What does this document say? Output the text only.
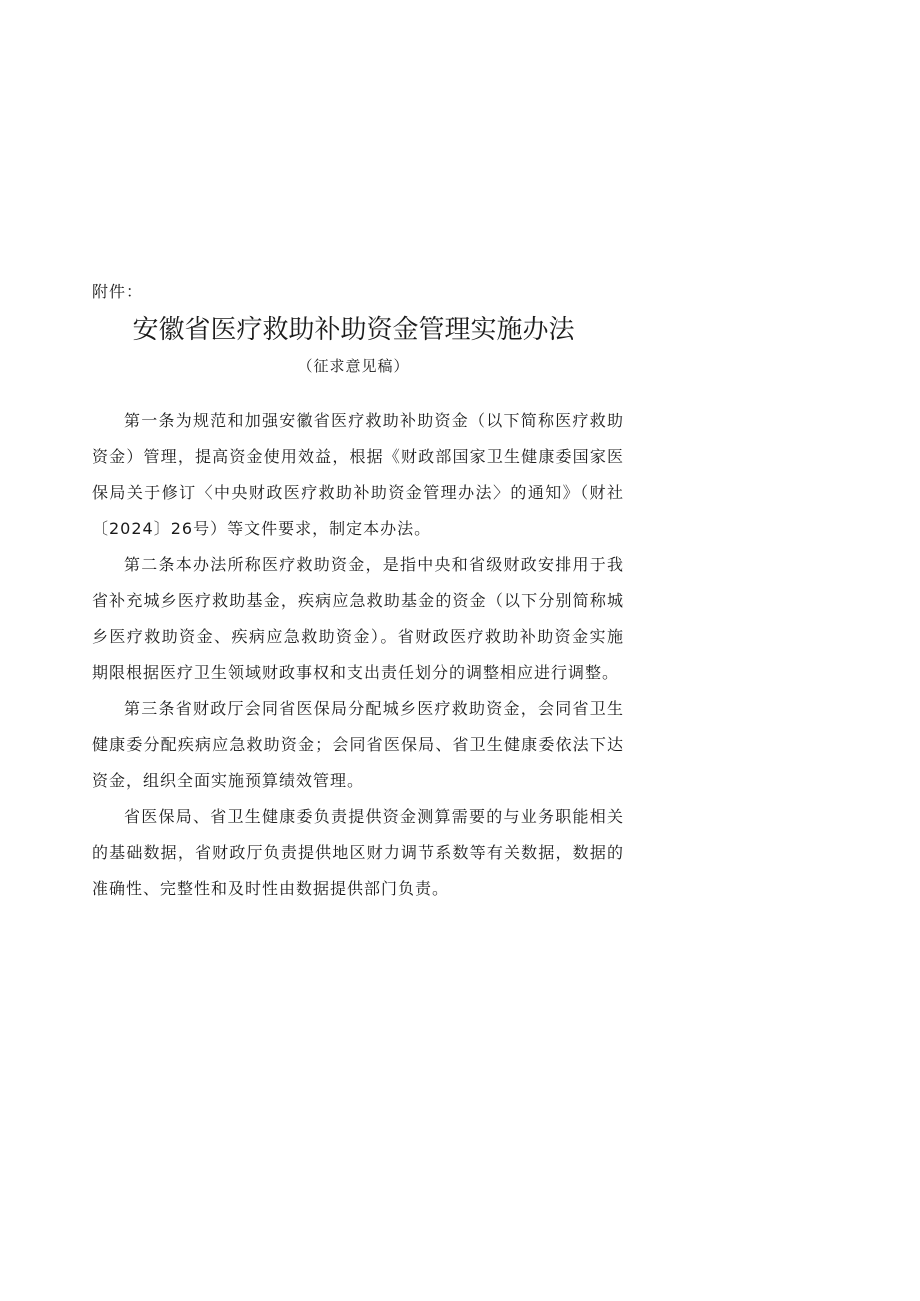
附件：
安徽省医疗救助补助资金管理实施办法
（征求意见稿）

第一条为规范和加强安徽省医疗救助补助资金（以下简称医疗救助资金）管理，提高资金使用效益，根据《财政部国家卫生健康委国家医保局关于修订〈中央财政医疗救助补助资金管理办法〉的通知》（财社〔2024〕26号）等文件要求，制定本办法。

第二条本办法所称医疗救助资金，是指中央和省级财政安排用于我省补充城乡医疗救助基金，疾病应急救助基金的资金（以下分别简称城乡医疗救助资金、疾病应急救助资金）。省财政医疗救助补助资金实施期限根据医疗卫生领域财政事权和支出责任划分的调整相应进行调整。

第三条省财政厅会同省医保局分配城乡医疗救助资金，会同省卫生健康委分配疾病应急救助资金；会同省医保局、省卫生健康委依法下达资金，组织全面实施预算绩效管理。

省医保局、省卫生健康委负责提供资金测算需要的与业务职能相关的基础数据，省财政厅负责提供地区财力调节系数等有关数据，数据的准确性、完整性和及时性由数据提供部门负责。
